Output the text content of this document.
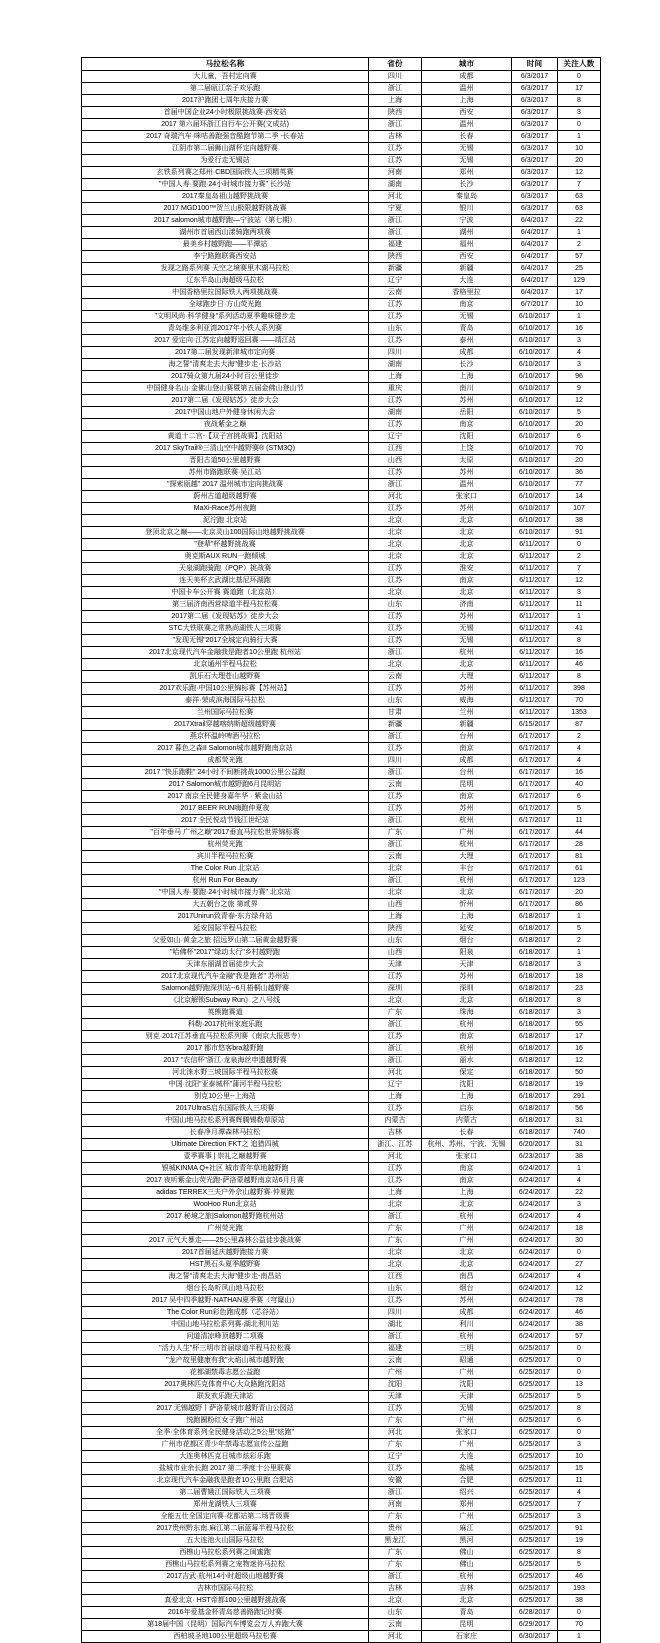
马拉松名称	省份	城市	时间	关注人数
大儿童，吾村定向赛	四川	成都	6/3/2017	0
第二届瓯江亲子欢乐跑	浙江	温州	6/3/2017	17
2017沪跑团七周年庆接力赛	上海	上海	6/3/2017	8
首届中国企业24小时极限挑战赛·西安站	陕西	西安	6/3/2017	3
2017 第六届环浙江自行车公开赛(文成站)	浙江	温州	6/3/2017	0
2017 奇瑞汽车·咪咕善跑强音酷跑节第二季 -长春站	吉林	长春	6/3/2017	1
江阴市第二届狮山湖杯定向越野赛	江苏	无锡	6/3/2017	10
为爱行走无锡站	江苏	无锡	6/3/2017	20
玄铁系列赛之郑州·CBD国际铁人三项精英赛	河南	郑州	6/3/2017	12
"中国人寿·要跑·24小时城市接力赛" 长沙站	湖南	长沙	6/3/2017	7
2017秦皇岛祖山越野挑战赛	河北	秦皇岛	6/3/2017	63
2017 MGD100™贺兰山极限越野挑战赛	宁夏	银川	6/3/2017	63
2017 salomon城市越野跑—宁波站（第七期）	浙江	宁波	6/4/2017	22
湖州市首届西山漾骑跑两项赛	浙江	湖州	6/4/2017	1
最美乡村越野跑——平潭站	福建	福州	6/4/2017	2
李宁路跑联赛西安站	陕西	西安	6/4/2017	57
发现之路系列赛 天空之境赛里木湖马拉松	新疆	新疆	6/4/2017	25
辽东半岛山海超级马拉松	辽宁	大连	6/4/2017	129
中国香格里拉国际铁人两项挑战赛	云南	香格里拉	6/4/2017	17
全球跑步日·方山荧光跑	江苏	南京	6/7/2017	10
"文明风尚·科学健身"系列活动夏季趣味健步走	江苏	无锡	6/10/2017	1
青岛维多利亚湾2017年小铁人系列赛	山东	青岛	6/10/2017	16
2017 爱定向·江苏定向越野巡回赛 ——靖江站	江苏	泰州	6/10/2017	3
2017第二届发现新津城市定向赛	四川	成都	6/10/2017	4
海之誓"清爽走去大海"健步走·长沙站	湖南	长沙	6/10/2017	3
2017骑众第九届24小时百公里徒步	上海	上海	6/10/2017	96
中国健身名山·金佛山登山赛暨第五届金佛山登山节	重庆	南川	6/10/2017	9
2017第二届《发现姑苏》徒步大会	江苏	苏州	6/10/2017	12
2017中国山地户外健身休闲大会	湖南	岳阳	6/10/2017	5
夜战紫金之巅	江苏	南京	6/10/2017	20
黄道十二宫-【双子宫挑战赛】沈阳站	辽宁	沈阳	6/10/2017	6
2017 SkyTrail®三清山空中越野赛® (STM3Q)	江西	上饶	6/10/2017	70
晋阳古道50公里越野赛	山西	太原	6/10/2017	20
苏州市路跑联赛·吴江站	江苏	苏州	6/10/2017	36
"探索瓯越" 2017 温州城市定向挑战赛	浙江	温州	6/10/2017	77
蔚州古道超级越野赛	河北	张家口	6/10/2017	14
MaXi-Race苏州夜跑	江苏	苏州	6/10/2017	107
泥泞跑 北京站	北京	北京	6/10/2017	38
登顶北京之巅——北京灵山100国际山地越野挑战赛	北京	北京	6/10/2017	91
"登辈"杯越野挑战赛	北京	北京	6/11/2017	0
奥克斯AUX RUN一跑倾城	北京	北京	6/11/2017	2
天泉湖跑骑跑（PQP）挑战赛	江苏	淮安	6/11/2017	7
连天美杯玄武湖比基尼环湖跑	江苏	南京	6/11/2017	12
中国卡车公开赛 赛道跑（北京站）	北京	北京	6/11/2017	3
第三届济南西营绿道半程马拉松赛	山东	济南	6/11/2017	11
2017第二届《发现姑苏》徒步大会	江苏	苏州	6/11/2017	1
STC大铁联赛之常熟尚湖铁人三项赛	江苏	无锡	6/11/2017	41
"发现无锡"2017全城定向骑行大赛	江苏	无锡	6/11/2017	8
2017北京现代汽车金融我是跑者10公里跑 杭州站	浙江	杭州	6/11/2017	16
北京通州半程马拉松	北京	北京	6/11/2017	46
凯乐石大理苍山越野赛	云南	大理	6/11/2017	8
2017欢乐跑·中国10公里锦标赛【苏州站】	江苏	苏州	6/11/2017	398
泰祥·荣成滨海国际马拉松	山东	威海	6/11/2017	70
兰州国际马拉松赛	甘肃	兰州	6/11/2017	1353
2017Xtrail穿越喀纳斯超级越野赛	新疆	新疆	6/15/2017	87
燕京杯温岭啤酒马拉松	浙江	台州	6/17/2017	2
2017 暮色之森II Salomon城市越野跑南京站	江苏	南京	6/17/2017	4
成都荧光跑	四川	成都	6/17/2017	4
2017 "快乐跑鞋" 24小时不间断挑战1000公里公益跑	浙江	台州	6/17/2017	16
2017 Salomon城市越野跑6月昆明站	云南	昆明	6/17/2017	40
2017 南京全民健身嘉年华 · 紫金山站	江苏	南京	6/17/2017	6
2017 BEER RUN嗨跑仲夏夜	江苏	苏州	6/17/2017	5
2017 全民悦动节钱江世纪站	浙江	杭州	6/17/2017	11
"百年垂马 广州之巅"2017垂直马拉松世界锦标赛	广东	广州	6/17/2017	44
杭州荧光跑	浙江	杭州	6/17/2017	28
宾川半程马拉松赛	云南	大理	6/17/2017	81
The Color Run 北京站	北京	丰台	6/17/2017	61
杭州 Run For Beauty	浙江	杭州	6/17/2017	123
"中国人寿·要跑·24小时城市接力赛" 北京站	北京	北京	6/17/2017	20
大五朝台之旅 第贰界	山西	忻州	6/17/2017	86
2017Unirun致青春-东方绿舟站	上海	上海	6/18/2017	1
延安国际半程马拉松	陕西	延安	6/18/2017	5
父爱如山·黄金之旅 招远罗山第二届黄金越野赛	山东	烟台	6/18/2017	2
"哈佛杯"2017"绿动太行"乡村越野跑	山西	阳泉	6/18/2017	1
天津东丽湖首届徒步大会	天津	天津	6/18/2017	3
2017北京现代汽车金融"我是跑者" 苏州站	江苏	苏州	6/18/2017	18
Salomon越野跑深圳站--6月梧桐山越野赛	深圳	深圳	6/18/2017	23
《北京解锁Subway Run》之八号线	北京	北京	6/18/2017	8
英熊跑赛道	广东	珠海	6/18/2017	3
科勒·2017杭州家庭乐跑	浙江	杭州	6/18/2017	55
别克·2017江苏垂直马拉松系列赛（南京大报恩寺）	江苏	南京	6/18/2017	17
2017 都市悠客bra越野跑	浙江	杭州	6/18/2017	16
2017 "农信杯"浙江·龙泉海丝申遗越野赛	浙江	丽水	6/18/2017	12
河北涞水野三坡国际半程马拉松赛	河北	保定	6/18/2017	50
中国·沈阳"亚泰城杯"蒲河半程马拉松	辽宁	沈阳	6/18/2017	19
别克10公里--上海站	上海	上海	6/18/2017	291
2017UltraS启东国际铁人三项赛	江苏	启东	6/18/2017	56
中国山地马拉松系列赛辉腾锡勒草原站	内蒙古	内蒙古	6/18/2017	31
长春净月潭森林马拉松	吉林	长春	6/18/2017	740
Ultimate Direction FKT之 追猎四城	浙江、江苏	杭州、苏州、宁波、无锡	6/20/2017	31
壹季赛事 | 崇礼之巅越野赛	河北	张家口	6/23/2017	38
银城KINMA Q+社区 城市青年草地越野跑	江苏	南京	6/24/2017	1
2017 夜听紫金山荧光跑-萨洛蒙越野南京站6月月赛	江苏	南京	6/24/2017	4
adidas TERREX三夫户外佘山越野赛·仲夏跑	上海	上海	6/24/2017	22
WooHoo Run北京站	北京	北京	6/24/2017	3
2017 秘境之旅|Salomon越野跑杭州站	浙江	杭州	6/24/2017	4
广州荧光跑	广东	广州	6/24/2017	18
2017 元气大暴走——25公里森林公益徒步挑战赛	广东	广州	6/24/2017	30
2017首届延庆越野跑接力赛	北京	北京	6/24/2017	0
HST黑石头夏季越野赛	北京	北京	6/24/2017	27
海之誓"清爽走去大海"健步走-南昌站	江西	南昌	6/24/2017	4
烟台长岛听风山地马拉松	山东	烟台	6/24/2017	12
2017 吴中四季越野·NATHAN夏季赛（穹窿山）	江苏	苏州	6/24/2017	78
The Color Run彩色跑成都（芯谷站）	四川	成都	6/24/2017	46
中国山地马拉松系列赛·湖北利川站	湖北	利川	6/24/2017	38
问道清凉峰顶越野二项赛	浙江	杭州	6/24/2017	57
"活力人生"杯三明市首届绿道半程马拉松赛	福建	三明	6/25/2017	0
"龙产故里健康有我"火焰山城市越野跑	云南	昭通	6/25/2017	0
花都湖禁毒志愿公益跑	广州	广州	6/25/2017	0
2017奥林匹克体育中心大众路跑沈阳站	沈阳	沈阳	6/25/2017	13
联发欢乐跑天津站	天津	天津	6/25/2017	5
2017 无锡越野丨萨洛蒙城市越野青山公园站	江苏	无锡	6/25/2017	8
悦跑圈粉红女子跑广州站	广东	广州	6/25/2017	6
全季·全体育系列全民健身活动之5公里"炫跑"	河北	张家口	6/25/2017	0
广州市花都区青少年禁毒志愿宣传公益跑	广东	广州	6/25/2017	3
大连奥林匹克日城市炫彩乐跑	辽宁	大连	6/25/2017	10
盐城市业余长跑 2017 第二季度十公里联赛	江苏	盐城	6/25/2017	15
北京现代汽车金融我是跑者10公里跑 合肥站	安徽	合肥	6/25/2017	11
第二届曹娥江国际铁人三项赛	浙江	绍兴	6/25/2017	4
郑州龙湖铁人三项赛	河南	郑州	6/25/2017	7
全能五仕全国定向赛·花都站第二场晋级赛	广东	广州	6/25/2017	3
2017贵州黔东南.麻江第二届蓝莓半程马拉松	贵州	麻江	6/25/2017	91
五大连池火山国际马拉松	黑龙江	黑河	6/25/2017	19
西樵山马拉松系列赛之闺蜜跑	广东	佛山	6/25/2017	8
西樵山马拉松系列赛之宠物迷你马拉松	广东	佛山	6/25/2017	5
2017吉武·杭州14小时超级山地越野赛	浙江	杭州	6/25/2017	46
吉林市国际马拉松	吉林	吉林	6/25/2017	193
真爱北京· HST帝都100公里越野挑战赛	北京	北京	6/25/2017	38
2016年爱基金杯青岛慈善路跑记时赛	山东	青岛	6/28/2017	0
第18届中国（昆明）国际汽车博览会万人弃跑大赛	云南	昆明	6/29/2017	70
西柏坡圣地100公里超级马拉松赛	河北	石家庄	6/30/2017	1
